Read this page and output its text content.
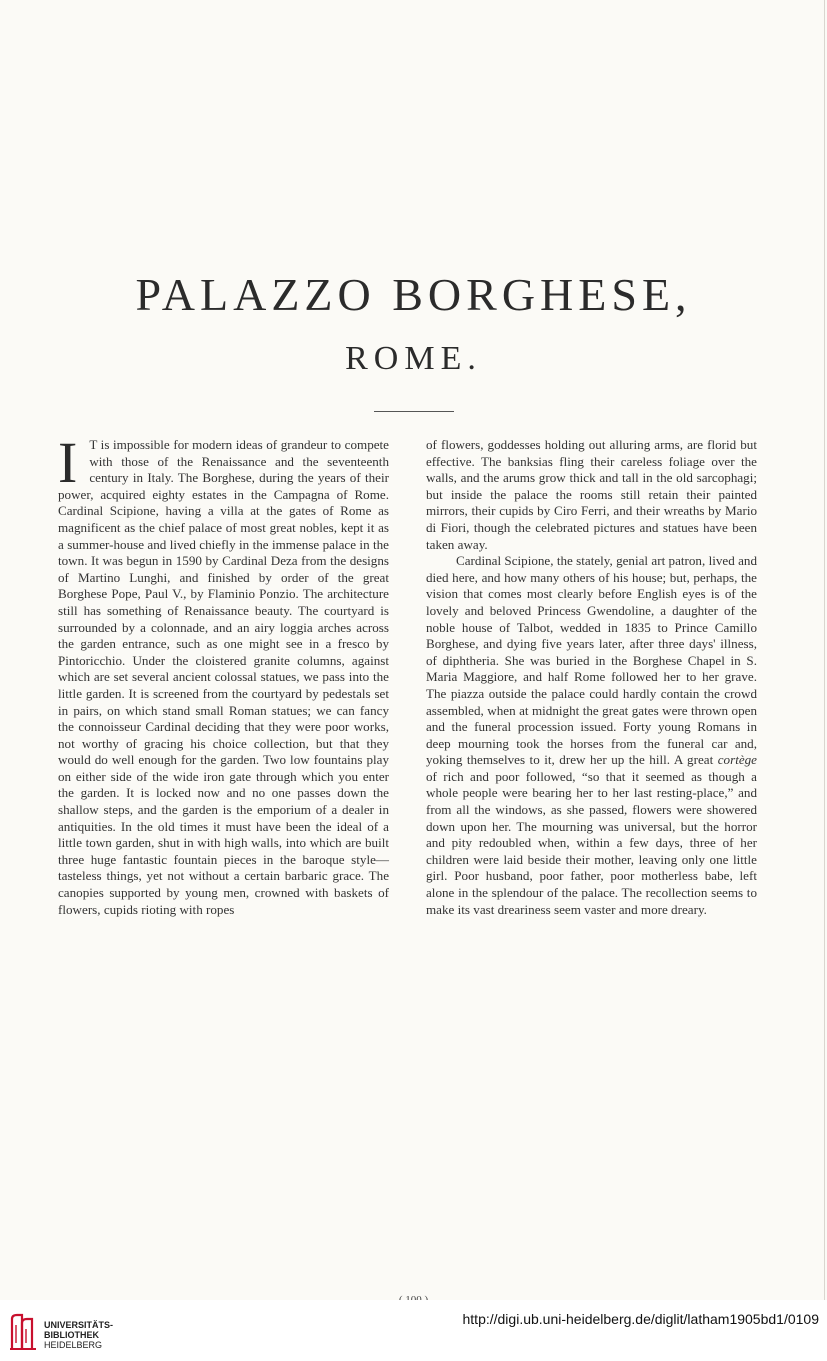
PALAZZO BORGHESE,
ROME.

I T is impossible for modern ideas of grandeur to compete with those of the Renaissance and the seventeenth century in Italy. The Borghese, during the years of their power, acquired eighty estates in the Campagna of Rome. Cardinal Scipione, having a villa at the gates of Rome as magnificent as the chief palace of most great nobles, kept it as a summer-house and lived chiefly in the immense palace in the town. It was begun in 1590 by Cardinal Deza from the designs of Martino Lunghi, and finished by order of the great Borghese Pope, Paul V., by Flaminio Ponzio. The architecture still has something of Renaissance beauty. The courtyard is surrounded by a colonnade, and an airy loggia arches across the garden entrance, such as one might see in a fresco by Pintoricchio. Under the cloistered granite columns, against which are set several ancient colossal statues, we pass into the little garden. It is screened from the courtyard by pedestals set in pairs, on which stand small Roman statues; we can fancy the connoisseur Cardinal deciding that they were poor works, not worthy of gracing his choice collection, but that they would do well enough for the garden. Two low fountains play on either side of the wide iron gate through which you enter the garden. It is locked now and no one passes down the shallow steps, and the garden is the emporium of a dealer in antiquities. In the old times it must have been the ideal of a little town garden, shut in with high walls, into which are built three huge fantastic fountain pieces in the baroque style—tasteless things, yet not without a certain barbaric grace. The canopies supported by young men, crowned with baskets of flowers, cupids rioting with ropes

of flowers, goddesses holding out alluring arms, are florid but effective. The banksias fling their careless foliage over the walls, and the arums grow thick and tall in the old sarcophagi; but inside the palace the rooms still retain their painted mirrors, their cupids by Ciro Ferri, and their wreaths by Mario di Fiori, though the celebrated pictures and statues have been taken away.

Cardinal Scipione, the stately, genial art patron, lived and died here, and how many others of his house; but, perhaps, the vision that comes most clearly before English eyes is of the lovely and beloved Princess Gwendoline, a daughter of the noble house of Talbot, wedded in 1835 to Prince Camillo Borghese, and dying five years later, after three days' illness, of diphtheria. She was buried in the Borghese Chapel in S. Maria Maggiore, and half Rome followed her to her grave. The piazza outside the palace could hardly contain the crowd assembled, when at midnight the great gates were thrown open and the funeral procession issued. Forty young Romans in deep mourning took the horses from the funeral car and, yoking themselves to it, drew her up the hill. A great cortège of rich and poor followed, “so that it seemed as though a whole people were bearing her to her last resting-place,” and from all the windows, as she passed, flowers were showered down upon her. The mourning was universal, but the horror and pity redoubled when, within a few days, three of her children were laid beside their mother, leaving only one little girl. Poor husband, poor father, poor motherless babe, left alone in the splendour of the palace. The recollection seems to make its vast dreariness seem vaster and more dreary.

UNIVERSITÄTS-
BIBLIOTHEK
HEIDELBERG
http://digi.ub.uni-heidelberg.de/diglit/latham1905bd1/0109
